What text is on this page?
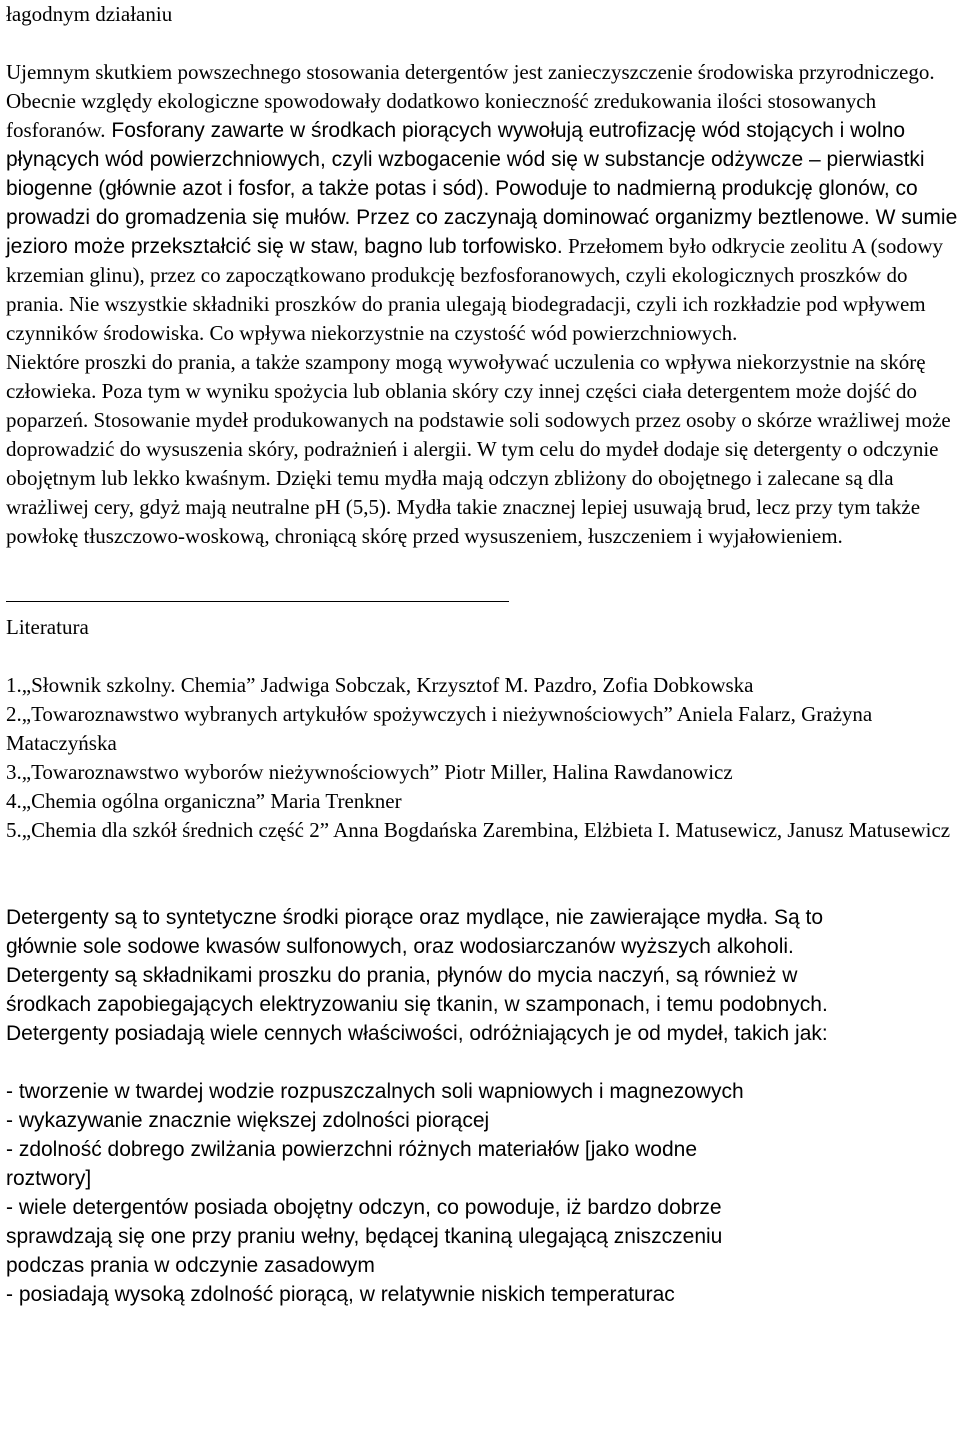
łagodnym działaniu

Ujemnym skutkiem powszechnego stosowania detergentów jest zanieczyszczenie środowiska przyrodniczego. Obecnie względy ekologiczne spowodowały dodatkowo konieczność zredukowania ilości stosowanych fosforanów. Fosforany zawarte w środkach piorących wywołują eutrofizację wód stojących i wolno płynących wód powierzchniowych, czyli wzbogacenie wód się w substancje odżywcze – pierwiastki biogenne (głównie azot i fosfor, a także potas i sód). Powoduje to nadmierną produkcję glonów, co prowadzi do gromadzenia się mułów. Przez co zaczynają dominować organizmy beztlenowe. W sumie jezioro może przekształcić się w staw, bagno lub torfowisko. Przełomem było odkrycie zeolitu A (sodowy krzemian glinu), przez co zapoczątkowano produkcję bezfosforanowych, czyli ekologicznych proszków do prania. Nie wszystkie składniki proszków do prania ulegają biodegradacji, czyli ich rozkładzie pod wpływem czynników środowiska. Co wpływa niekorzystnie na czystość wód powierzchniowych.
Niektóre proszki do prania, a także szampony mogą wywoływać uczulenia co wpływa niekorzystnie na skórę człowieka. Poza tym w wyniku spożycia lub oblania skóry czy innej części ciała detergentem może dojść do poparzeń. Stosowanie mydeł produkowanych na podstawie soli sodowych przez osoby o skórze wrażliwej może doprowadzić do wysuszenia skóry, podrażnień i alergii. W tym celu do mydeł dodaje się detergenty o odczynie obojętnym lub lekko kwaśnym. Dzięki temu mydła mają odczyn zbliżony do obojętnego i zalecane są dla wrażliwej cery, gdyż mają neutralne pH (5,5). Mydła takie znacznej lepiej usuwają brud, lecz przy tym także powłokę tłuszczowo-woskową, chroniącą skórę przed wysuszeniem, łuszczeniem i wyjałowieniem.

Literatura

1.„Słownik szkolny. Chemia” Jadwiga Sobczak, Krzysztof M. Pazdro, Zofia Dobkowska

2.„Towaroznawstwo wybranych artykułów spożywczych i nieżywnościowych” Aniela Falarz, Grażyna Mataczyńska

3.„Towaroznawstwo wyborów nieżywnościowych” Piotr Miller, Halina Rawdanowicz

4.„Chemia ogólna organiczna” Maria Trenkner

5.„Chemia dla szkół średnich część 2” Anna Bogdańska Zarembina, Elżbieta I. Matusewicz, Janusz Matusewicz

Detergenty są to syntetyczne środki piorące oraz mydlące, nie zawierające mydła. Są to

głównie sole sodowe kwasów sulfonowych, oraz wodosiarczanów wyższych alkoholi.

Detergenty są składnikami proszku do prania, płynów do mycia naczyń, są również w

środkach zapobiegających elektryzowaniu się tkanin, w szamponach, i temu podobnych.

Detergenty posiadają wiele cennych właściwości, odróżniających je od mydeł, takich jak:

- tworzenie w twardej wodzie rozpuszczalnych soli wapniowych i magnezowych

- wykazywanie znacznie większej zdolności piorącej

- zdolność dobrego zwilżania powierzchni różnych materiałów [jako wodne

roztwory]

- wiele detergentów posiada obojętny odczyn, co powoduje, iż bardzo dobrze

sprawdzają się one przy praniu wełny, będącej tkaniną ulegającą zniszczeniu

podczas prania w odczynie zasadowym

- posiadają wysoką zdolność piorącą, w relatywnie niskich temperaturac
